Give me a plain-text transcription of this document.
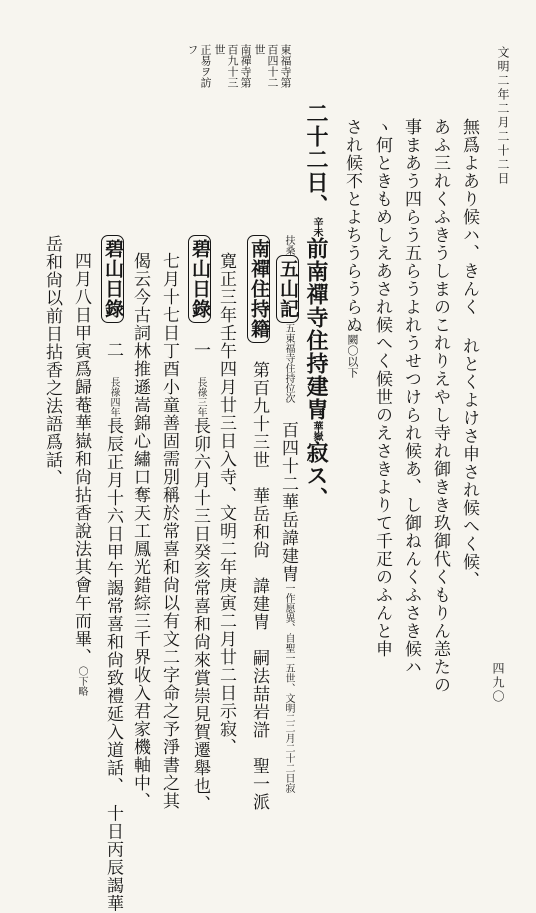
文明二年二月二十二日
四九〇
無爲よあり候ハ、きんく れとくよけさ申され候へく候、
あふ三れくふきうしまのこれりえやし寺れ御きき玖御代くもりん恙たの
事まあう四らう五らうよれうせつけられ候あ、し御ねんくふさき候ハ
ヽ何ときもめしえあされ候へく候世のえさきよりて千疋のふんと申
され候不とよちうらうらぬ闕〇以下
東福寺第
百四十二
世
南禪寺第
百九十三
世
正易ヲ訪
フ
二十二日、辛未前南禪寺住持建冑華嶽寂ス、
扶桑五山記五東福寺住持位次　百四十二華岳諱建冑一作愿異、自聖一五世、文明二二月二十二日寂
南禪住持籍　第百九十三世　華岳和尙　諱建冑　嗣法喆岩滸　聖一派
寛正三年壬午四月廿三日入寺、文明二年庚寅二月廿二日示寂、
碧山日錄　一　長祿三年長卯六月十三日癸亥常喜和尙來賞崇見賀遷舉也、
七月十七日丁酉小童善固需別稱於常喜和尙以有文二字命之予淨書之其
偈云今古詞林推遜嵩錦心繡口奪天工鳳光錯綜三千界收入君家機軸中、
碧山日錄　二　長祿四年長辰正月十六日甲午謁常喜和尙致禮延入道話、　十日丙辰謁華
四月八日甲寅爲歸菴華嶽和尙拈香說法其會午而畢、〇下略
岳和尙以前日拈香之法語爲話、
